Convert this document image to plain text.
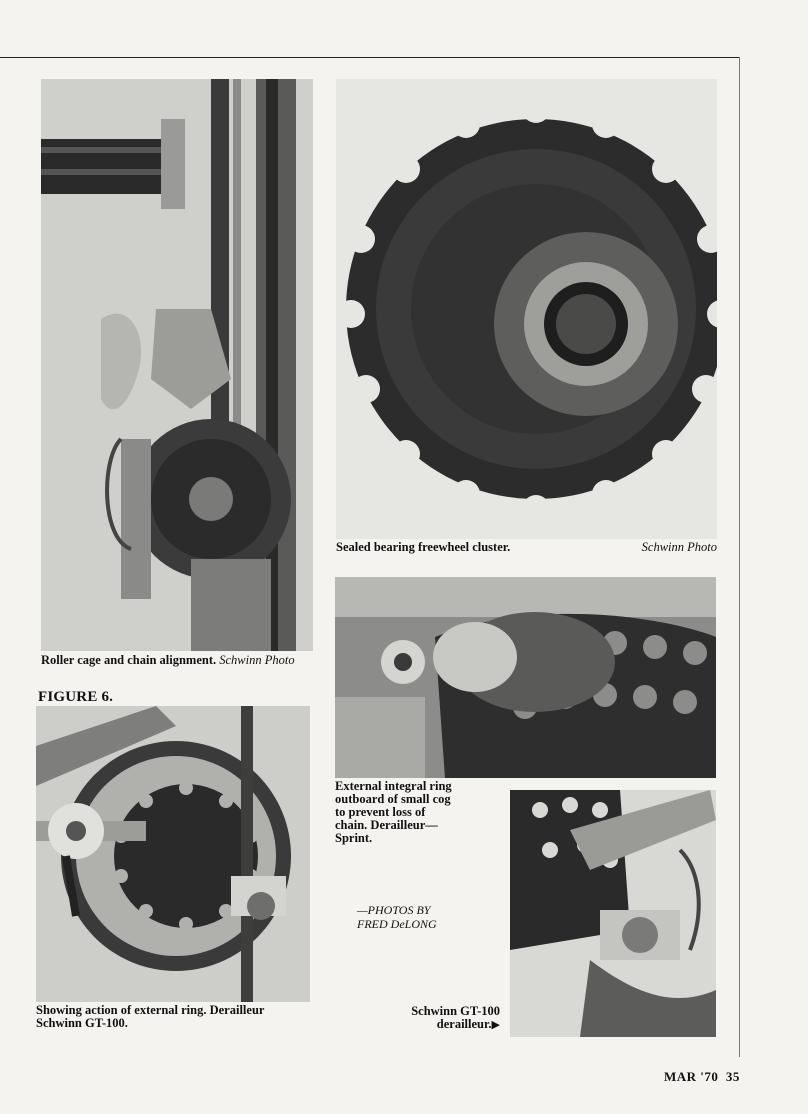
Roller cage and chain alignment. Schwinn Photo
Sealed bearing freewheel cluster.	Schwinn Photo
External integral ring
outboard of small cog
to prevent loss of
chain. Derailleur—
Sprint.
Schwinn GT-100
derailleur.▶
FIGURE 6.
Showing action of external ring. Derailleur
Schwinn GT-100.
—PHOTOS BY
FRED DeLONG
MAR '70  35
